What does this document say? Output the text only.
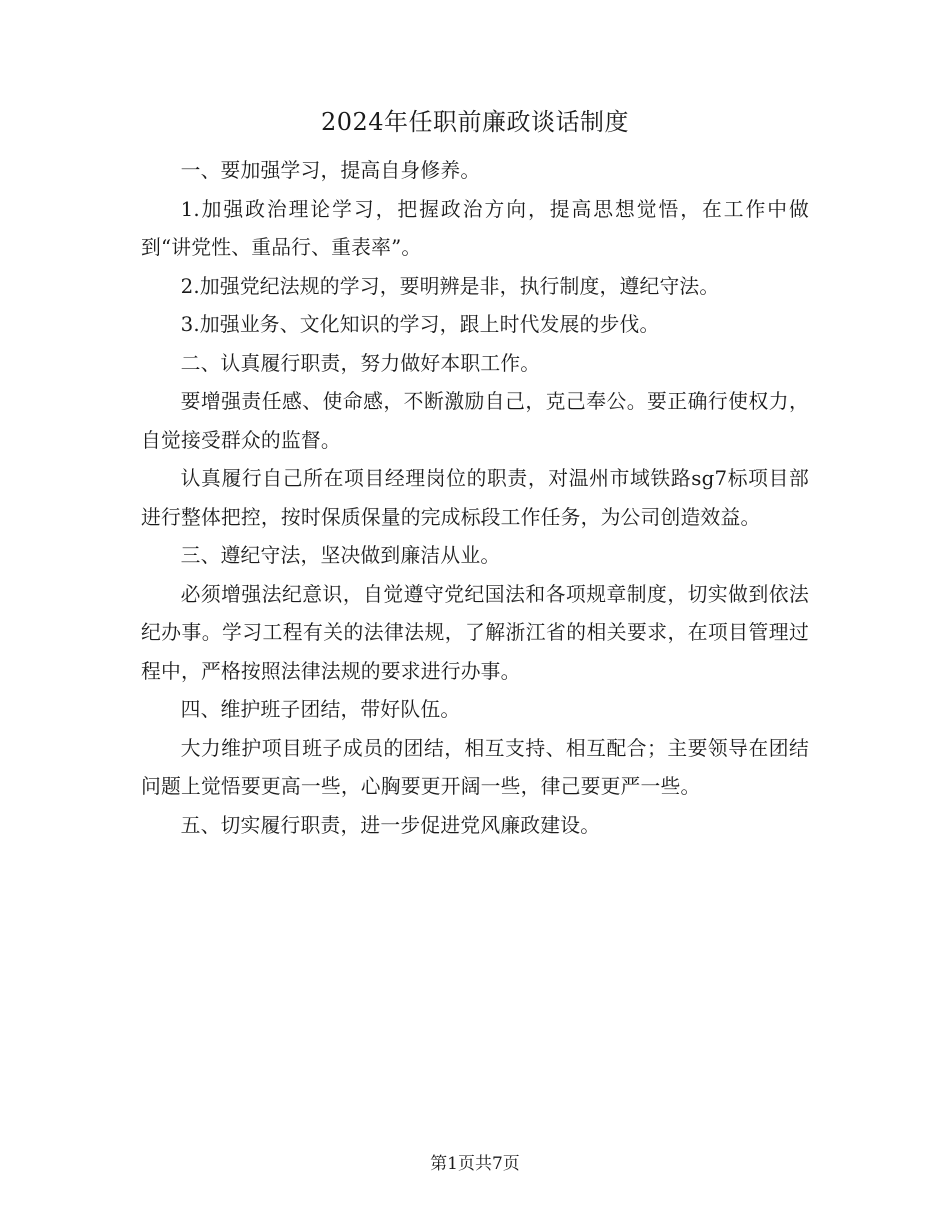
2024年任职前廉政谈话制度

一、要加强学习，提高自身修养。

1.加强政治理论学习，把握政治方向，提高思想觉悟，在工作中做到“讲党性、重品行、重表率”。

2.加强党纪法规的学习，要明辨是非，执行制度，遵纪守法。

3.加强业务、文化知识的学习，跟上时代发展的步伐。

二、认真履行职责，努力做好本职工作。

要增强责任感、使命感，不断激励自己，克己奉公。要正确行使权力，自觉接受群众的监督。

认真履行自己所在项目经理岗位的职责，对温州市域铁路sg7标项目部进行整体把控，按时保质保量的完成标段工作任务，为公司创造效益。

三、遵纪守法，坚决做到廉洁从业。

必须增强法纪意识，自觉遵守党纪国法和各项规章制度，切实做到依法纪办事。学习工程有关的法律法规，了解浙江省的相关要求，在项目管理过程中，严格按照法律法规的要求进行办事。

四、维护班子团结，带好队伍。

大力维护项目班子成员的团结，相互支持、相互配合；主要领导在团结问题上觉悟要更高一些，心胸要更开阔一些，律己要更严一些。

五、切实履行职责，进一步促进党风廉政建设。

第1页共7页
